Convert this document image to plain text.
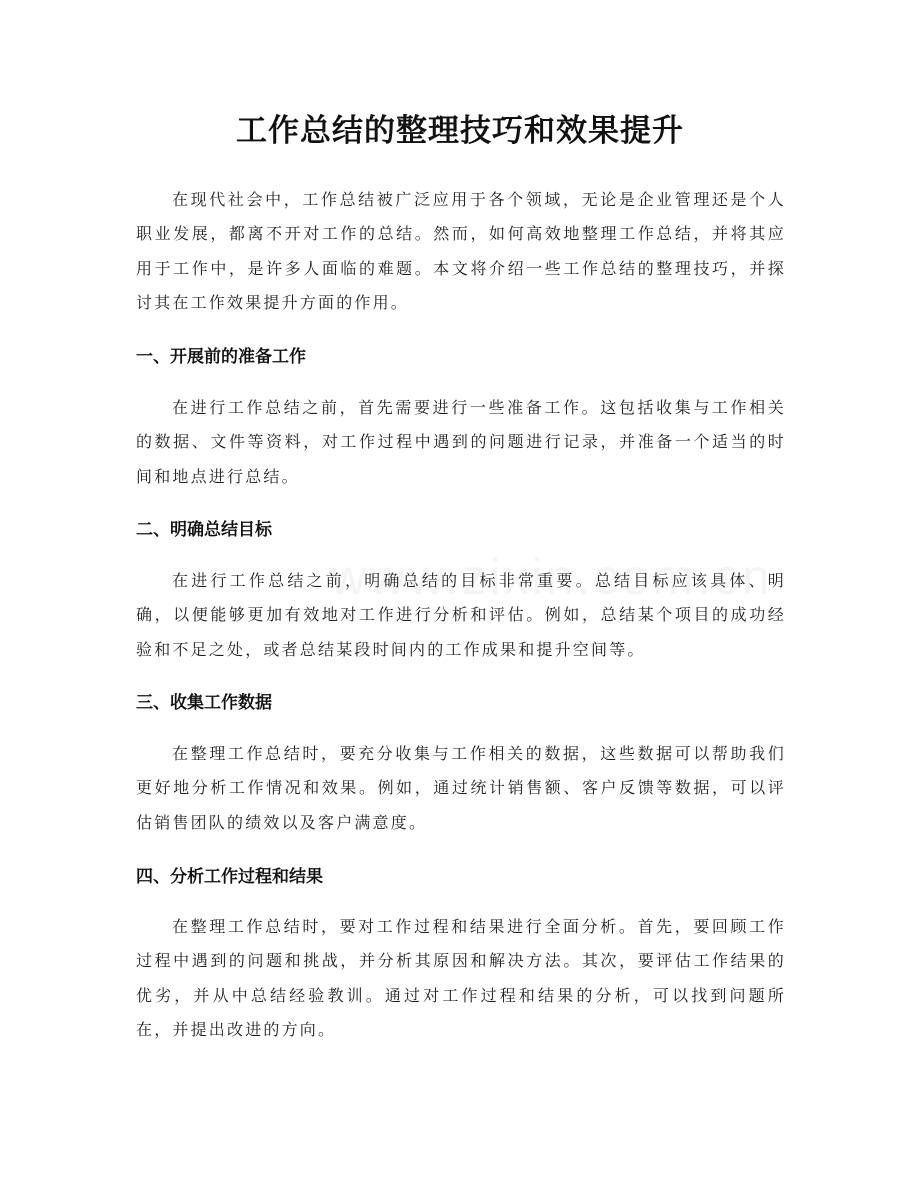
工作总结的整理技巧和效果提升

在现代社会中，工作总结被广泛应用于各个领域，无论是企业管理还是个人职业发展，都离不开对工作的总结。然而，如何高效地整理工作总结，并将其应用于工作中，是许多人面临的难题。本文将介绍一些工作总结的整理技巧，并探讨其在工作效果提升方面的作用。

一、开展前的准备工作

在进行工作总结之前，首先需要进行一些准备工作。这包括收集与工作相关的数据、文件等资料，对工作过程中遇到的问题进行记录，并准备一个适当的时间和地点进行总结。

二、明确总结目标

在进行工作总结之前，明确总结的目标非常重要。总结目标应该具体、明确，以便能够更加有效地对工作进行分析和评估。例如，总结某个项目的成功经验和不足之处，或者总结某段时间内的工作成果和提升空间等。

三、收集工作数据

在整理工作总结时，要充分收集与工作相关的数据，这些数据可以帮助我们更好地分析工作情况和效果。例如，通过统计销售额、客户反馈等数据，可以评估销售团队的绩效以及客户满意度。

四、分析工作过程和结果

在整理工作总结时，要对工作过程和结果进行全面分析。首先，要回顾工作过程中遇到的问题和挑战，并分析其原因和解决方法。其次，要评估工作结果的优劣，并从中总结经验教训。通过对工作过程和结果的分析，可以找到问题所在，并提出改进的方向。
